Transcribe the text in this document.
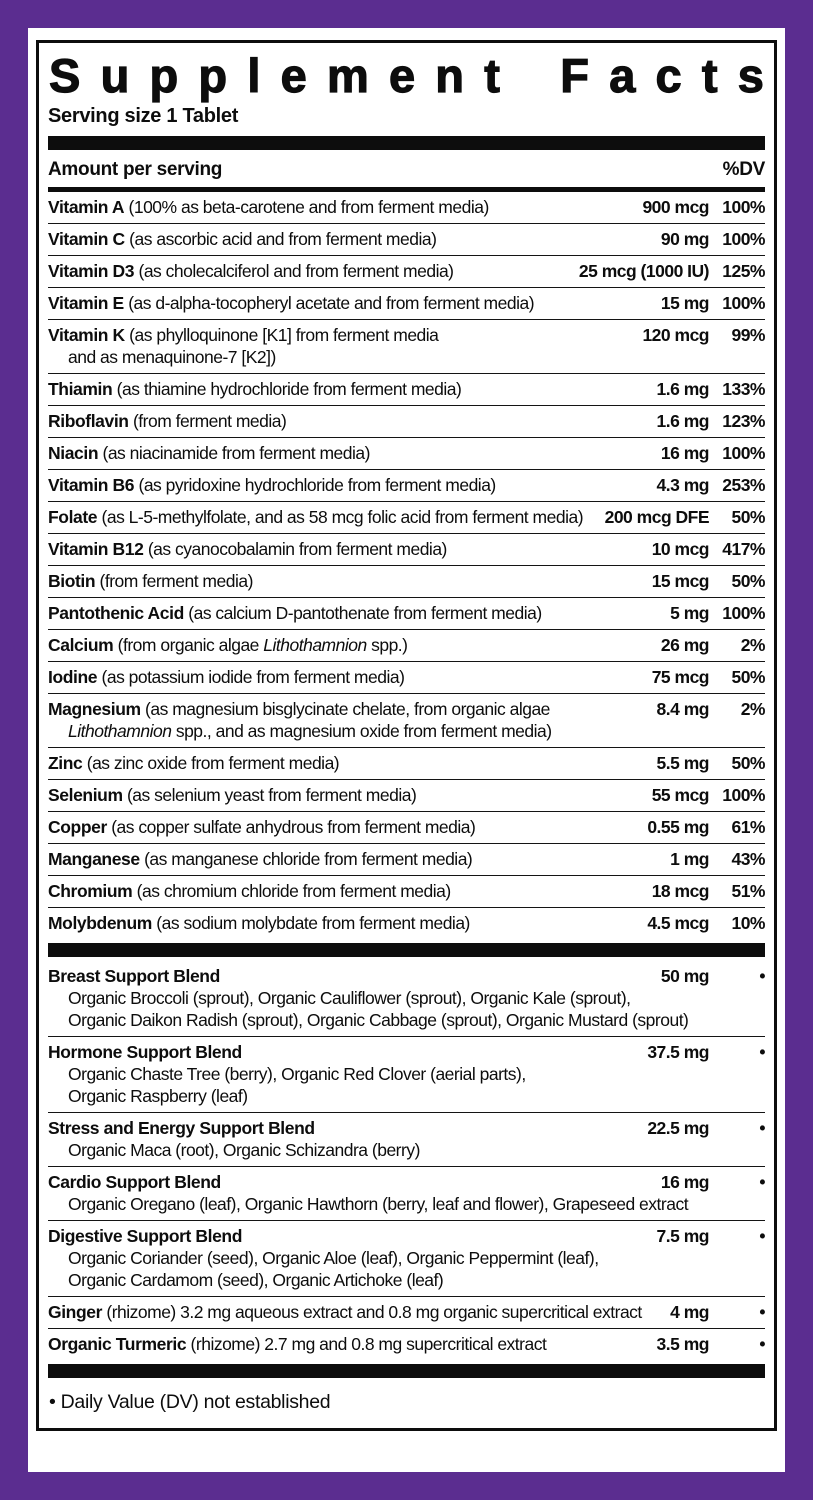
S u p p l e m e n t
F a c t s
Serving size 1 Tablet
Amount per serving	%DV
Vitamin A (100% as beta-carotene and from ferment media)	900 mcg 100%
Vitamin C (as ascorbic acid and from ferment media)	90 mg 100%
Vitamin D3 (as cholecalciferol and from ferment media)	25 mcg (1000 IU) 125%
Vitamin E (as d-alpha-tocopheryl acetate and from ferment media)	15 mg 100%
Vitamin K (as phylloquinone [K1] from ferment media	120 mcg	99%
and as menaquinone-7 [K2])
Thiamin (as thiamine hydrochloride from ferment media)	1.6 mg 133%
Riboflavin (from ferment media)	1.6 mg 123%
Niacin (as niacinamide from ferment media)	16 mg 100%
Vitamin B6 (as pyridoxine hydrochloride from ferment media)	4.3 mg 253%
Folate (as L-5-methylfolate, and as 58 mcg folic acid from ferment media)	200 mcg DFE	50%
Vitamin B12 (as cyanocobalamin from ferment media)	10 mcg 417%
Biotin (from ferment media)	15 mcg	50%
Pantothenic Acid (as calcium D-pantothenate from ferment media)	5 mg 100%
Calcium (from organic algae Lithothamnion spp.)	26 mg	2%
Iodine (as potassium iodide from ferment media)	75 mcg	50%
Magnesium (as magnesium bisglycinate chelate, from organic algae	8.4 mg	2%
Lithothamnion spp., and as magnesium oxide from ferment media)
Zinc (as zinc oxide from ferment media)	5.5 mg	50%
Selenium (as selenium yeast from ferment media)	55 mcg 100%
Copper (as copper sulfate anhydrous from ferment media)	0.55 mg	61%
Manganese (as manganese chloride from ferment media)	1 mg	43%
Chromium (as chromium chloride from ferment media)	18 mcg	51%
Molybdenum (as sodium molybdate from ferment media)	4.5 mcg	10%
Breast Support Blend	50 mg	•
Organic Broccoli (sprout), Organic Cauliflower (sprout), Organic Kale (sprout),
Organic Daikon Radish (sprout), Organic Cabbage (sprout), Organic Mustard (sprout)
Hormone Support Blend	37.5 mg	•
Organic Chaste Tree (berry), Organic Red Clover (aerial parts),
Organic Raspberry (leaf)
Stress and Energy Support Blend	22.5 mg	•
Organic Maca (root), Organic Schizandra (berry)
Cardio Support Blend	16 mg	•
Organic Oregano (leaf), Organic Hawthorn (berry, leaf and flower), Grapeseed extract
Digestive Support Blend	7.5 mg	•
Organic Coriander (seed), Organic Aloe (leaf), Organic Peppermint (leaf),
Organic Cardamom (seed), Organic Artichoke (leaf)
Ginger (rhizome) 3.2 mg aqueous extract and 0.8 mg organic supercritical extract	4 mg	•
Organic Turmeric (rhizome) 2.7 mg and 0.8 mg supercritical extract	3.5 mg	•
• Daily Value (DV) not established
